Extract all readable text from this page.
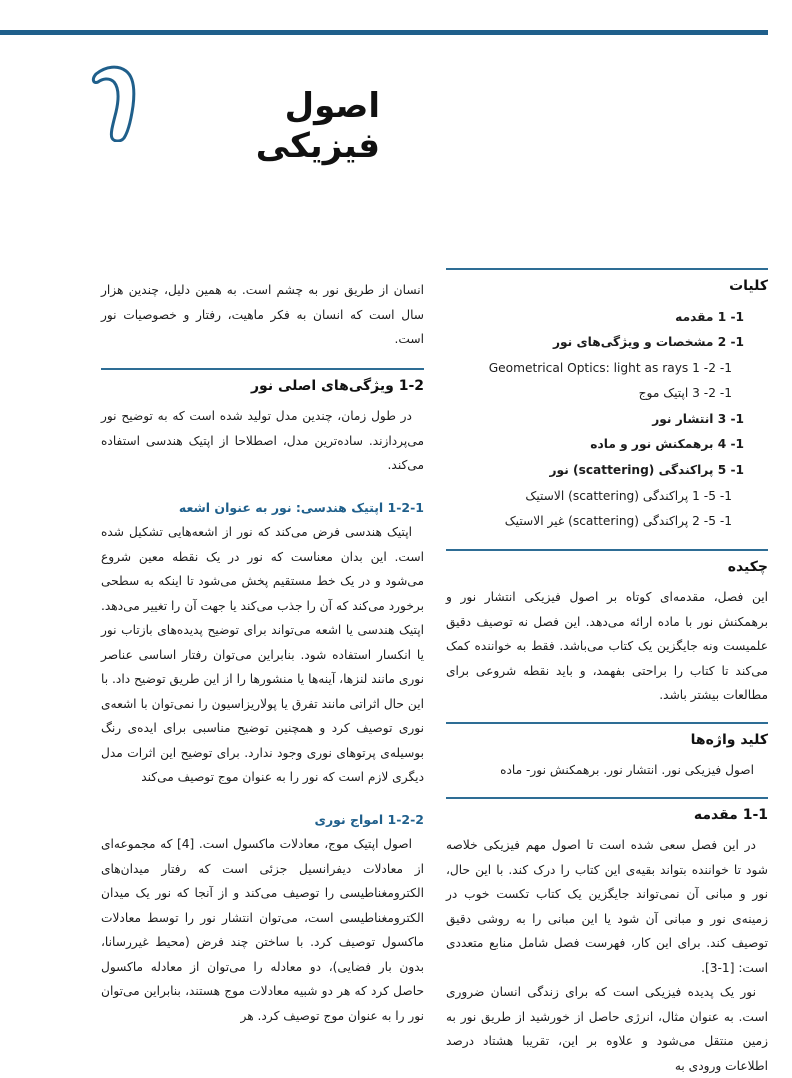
اصول فیزیکی
کلیات
1- 1 مقدمه
1- 2 مشخصات و ویژگی‌های نور
1- 2- 1 Geometrical Optics: light as rays
1- 2- 3 اپتیک موج
1- 3 انتشار نور
1- 4 برهمکنش نور و ماده
1- 5 پراکندگی (scattering) نور
1- 5- 1 پراکندگی (scattering) الاستیک
1- 5- 2 پراکندگی (scattering) غیر الاستیک
چکیده

این فصل، مقدمه‌ای کوتاه بر اصول فیزیکی انتشار نور و برهمکنش نور با ماده ارائه می‌دهد. این فصل نه توصیف دقیق علمیست ونه جایگزین یک کتاب می‌باشد. فقط به خواننده کمک می‌کند تا کتاب را براحتی بفهمد، و باید نقطه شروعی برای مطالعات بیشتر باشد.

کلید واژه‌ها

اصول فیزیکی نور. انتشار نور. برهمکنش نور- ماده

1-1 مقدمه

در این فصل سعی شده است تا اصول مهم فیزیکی خلاصه شود تا خواننده بتواند بقیه‌ی این کتاب را درک کند. با این حال، نور و مبانی آن نمی‌تواند جایگزین یک کتاب تکست خوب در زمینه‌ی نور و مبانی آن شود یا این مبانی را به روشی دقیق توصیف کند. برای این کار، فهرست فصل شامل منابع متعددی است: [1-3].

نور یک پدیده فیزیکی است که برای زندگی انسان ضروری است. به عنوان مثال، انرژی حاصل از خورشید از طریق نور به زمین منتقل می‌شود و علاوه بر این، تقریبا هشتاد درصد اطلاعات ورودی به

انسان از طریق نور به چشم است. به همین دلیل، چندین هزار سال است که انسان به فکر ماهیت، رفتار و خصوصیات نور است.

1-2 ویژگی‌های اصلی نور

در طول زمان، چندین مدل تولید شده است که به توضیح نور می‌پردازند. ساده‌ترین مدل، اصطلاحا از اپتیک هندسی استفاده می‌کند.

1-2-1 اپتیک هندسی: نور به عنوان اشعه

اپتیک هندسی فرض می‌کند که نور از اشعه‌هایی تشکیل شده است. این بدان معناست که نور در یک نقطه معین شروع می‌شود و در یک خط مستقیم پخش می‌شود تا اینکه به سطحی برخورد می‌کند که آن را جذب می‌کند یا جهت آن را تغییر می‌دهد. اپتیک هندسی یا اشعه می‌تواند برای توضیح پدیده‌های بازتاب نور یا انکسار استفاده شود. بنابراین می‌توان رفتار اساسی عناصر نوری مانند لنزها، آینه‌ها یا منشورها را از این طریق توضیح داد. با این حال اثراتی مانند تفرق یا پولاریزاسیون را نمی‌توان با اشعه‌ی نوری توصیف کرد و همچنین توضیح مناسبی برای ایده‌ی رنگ بوسیله‌ی پرتوهای نوری وجود ندارد. برای توضیح این اثرات مدل دیگری لازم است که نور را به عنوان موج توصیف می‌کند

1-2-2 امواج نوری

اصول اپتیک موج، معادلات ماکسول است. [4] که مجموعه‌ای از معادلات دیفرانسیل جزئی است که رفتار میدان‌های الکترومغناطیسی را توصیف می‌کند و از آنجا که نور یک میدان الکترومغناطیسی است، می‌توان انتشار نور را توسط معادلات ماکسول توصیف کرد. با ساختن چند فرض (محیط غیررسانا، بدون بار فضایی)، دو معادله را می‌توان از معادله ماکسول حاصل کرد که هر دو شبیه معادلات موج هستند، بنابراین می‌توان نور را به عنوان موج توصیف کرد. هر
